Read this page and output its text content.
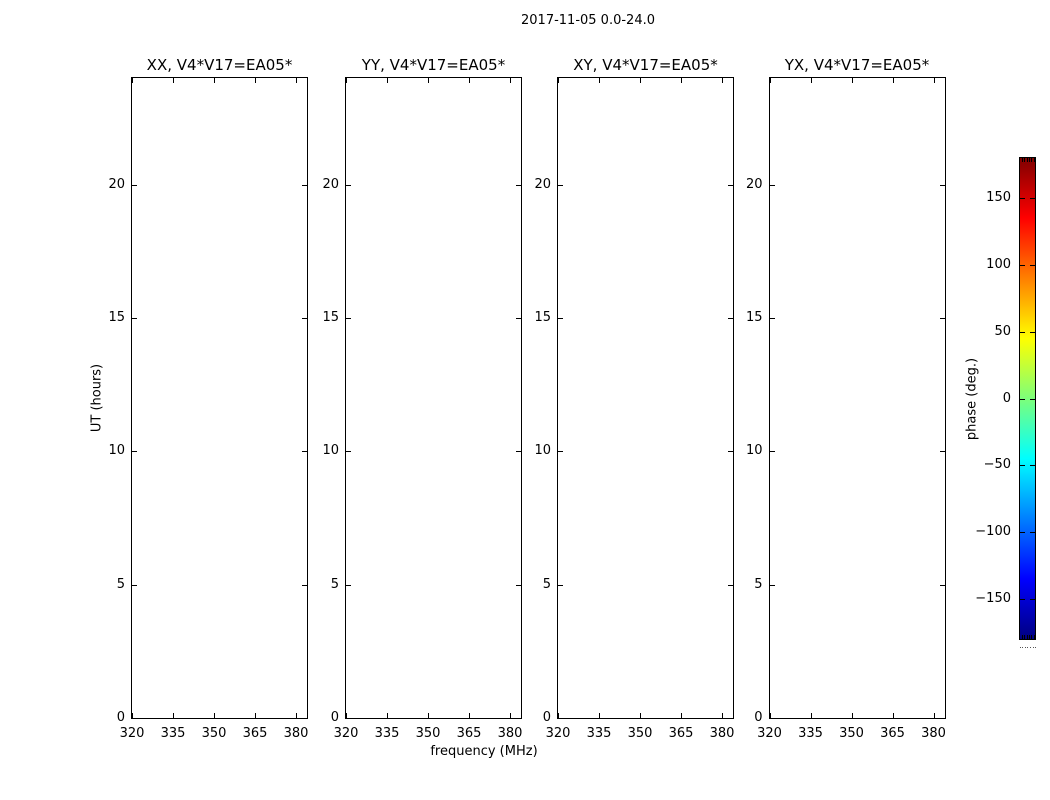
2017-11-05 0.0-24.0
XX, V4*V17=EA05*	YY, V4*V17=EA05*	XY, V4*V17=EA05*	YX, V4*V17=EA05*
UT (hours)
frequency (MHz)
phase (deg.)
320	335	350	365	380
0
5
10
15
20
320	335	350	365	380
0
5
10
15
20
320	335	350	365	380
0
5
10
15
20
320	335	350	365	380
0
5
10
15
20
150
100
50
0
−50
−100
−150
